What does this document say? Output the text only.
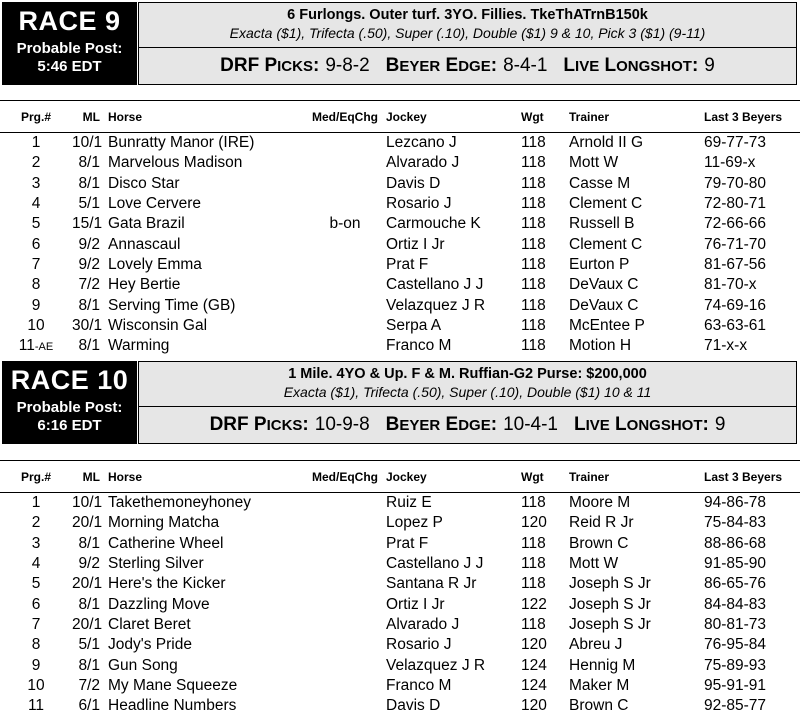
RACE 9
Probable Post:
5:46 EDT
6 Furlongs. Outer turf. 3YO. Fillies. TkeThATrnB150k
Exacta ($1), Trifecta (.50), Super (.10), Double ($1) 9 & 10, Pick 3 ($1) (9-11)
DRF PICKS: 9-8-2 BEYER EDGE: 8-4-1 LIVE LONGSHOT: 9
Prg.#	ML	Horse	Med/EqChg	Jockey	Wgt	Trainer	Last 3 Beyers
1	10/1	Bunratty Manor (IRE)		Lezcano J	118	Arnold II G	69-77-73
2	8/1	Marvelous Madison		Alvarado J	118	Mott W	11-69-x
3	8/1	Disco Star		Davis D	118	Casse M	79-70-80
4	5/1	Love Cervere		Rosario J	118	Clement C	72-80-71
5	15/1	Gata Brazil	b-on	Carmouche K	118	Russell B	72-66-66
6	9/2	Annascaul		Ortiz I Jr	118	Clement C	76-71-70
7	9/2	Lovely Emma		Prat F	118	Eurton P	81-67-56
8	7/2	Hey Bertie		Castellano J J	118	DeVaux C	81-70-x
9	8/1	Serving Time (GB)		Velazquez J R	118	DeVaux C	74-69-16
10	30/1	Wisconsin Gal		Serpa A	118	McEntee P	63-63-61
11-AE	8/1	Warming		Franco M	118	Motion H	71-x-x
RACE 10
Probable Post:
6:16 EDT
1 Mile. 4YO & Up. F & M. Ruffian-G2 Purse: $200,000
Exacta ($1), Trifecta (.50), Super (.10), Double ($1) 10 & 11
DRF PICKS: 10-9-8 BEYER EDGE: 10-4-1 LIVE LONGSHOT: 9
Prg.#	ML	Horse	Med/EqChg	Jockey	Wgt	Trainer	Last 3 Beyers
1	10/1	Takethemoneyhoney		Ruiz E	118	Moore M	94-86-78
2	20/1	Morning Matcha		Lopez P	120	Reid R Jr	75-84-83
3	8/1	Catherine Wheel		Prat F	118	Brown C	88-86-68
4	9/2	Sterling Silver		Castellano J J	118	Mott W	91-85-90
5	20/1	Here's the Kicker		Santana R Jr	118	Joseph S Jr	86-65-76
6	8/1	Dazzling Move		Ortiz I Jr	122	Joseph S Jr	84-84-83
7	20/1	Claret Beret		Alvarado J	118	Joseph S Jr	80-81-73
8	5/1	Jody's Pride		Rosario J	120	Abreu J	76-95-84
9	8/1	Gun Song		Velazquez J R	124	Hennig M	75-89-93
10	7/2	My Mane Squeeze		Franco M	124	Maker M	95-91-91
11	6/1	Headline Numbers		Davis D	120	Brown C	92-85-77
